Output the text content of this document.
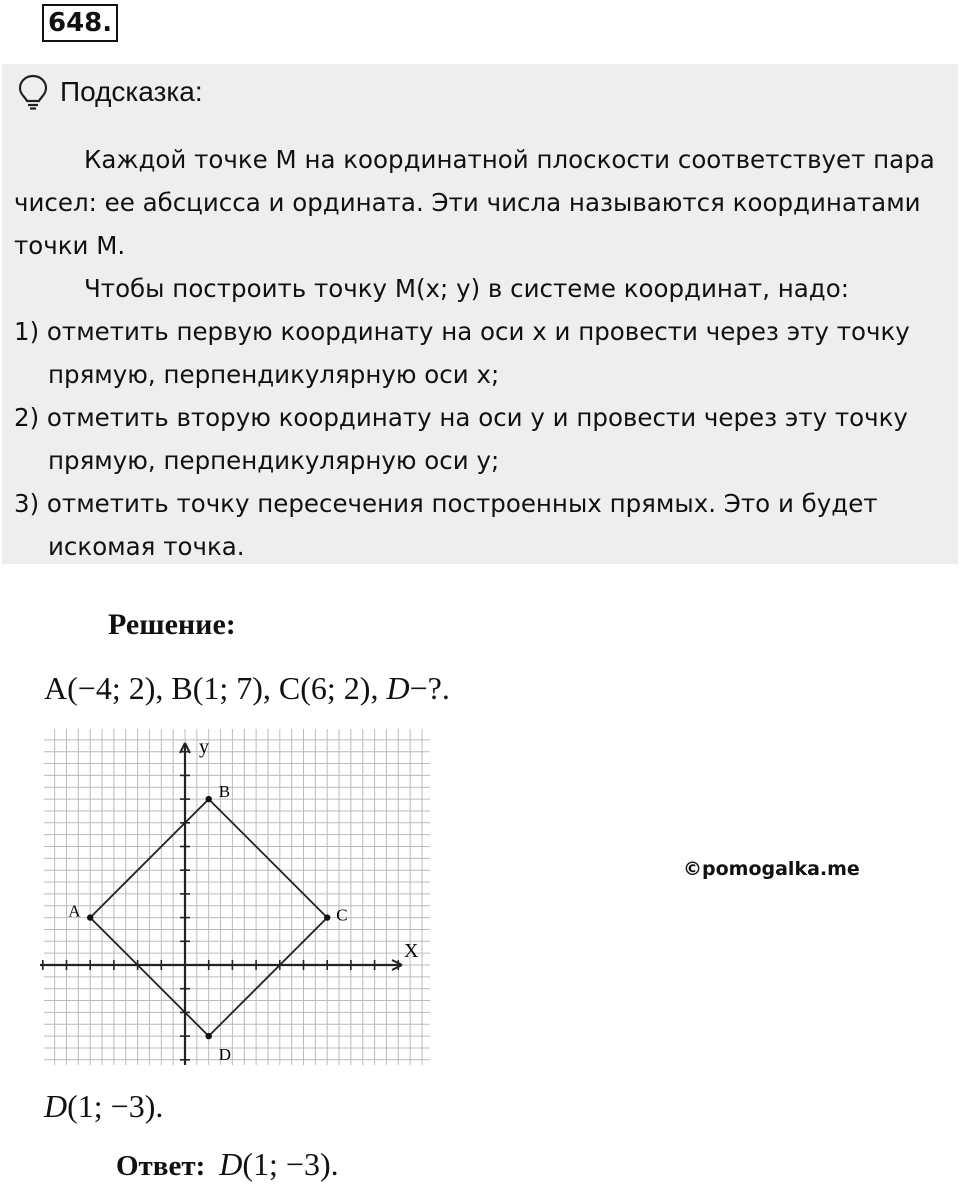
648.
Подсказка:

Каждой точке М на координатной плоскости соответствует пара чисел: ее абсцисса и ордината. Эти числа называются координатами точки М.

Чтобы построить точку М(х; у) в системе координат, надо:

1) отметить первую координату на оси х и провести через эту точку прямую, перпендикулярную оси х;

2) отметить вторую координату на оси у и провести через эту точку прямую, перпендикулярную оси у;

3) отметить точку пересечения построенных прямых. Это и будет искомая точка.

Решение:
A(−4; 2), B(1; 7), C(6; 2), D−?.
X
y
A
B
C
D
©pomogalka.me
D(1; −3).
Ответ: D(1; −3).
